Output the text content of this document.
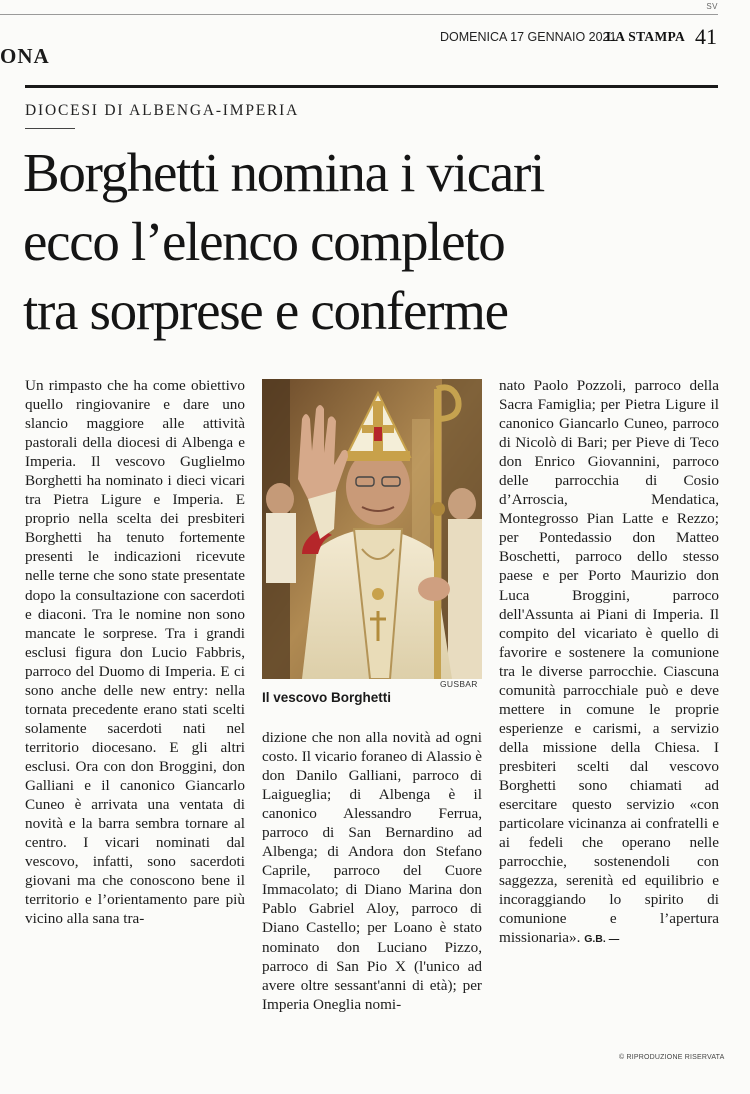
SV
ONA
DOMENICA 17 GENNAIO 2021
LA STAMPA 41
DIOCESI DI ALBENGA-IMPERIA
Borghetti nomina i vicari
ecco l’elenco completo
tra sorprese e conferme
Un rimpasto che ha come obiettivo quello ringiovanire e dare uno slancio maggiore alle attività pastorali della diocesi di Albenga e Imperia. Il vescovo Guglielmo Borghetti ha nominato i dieci vicari tra Pietra Ligure e Imperia. E proprio nella scelta dei presbiteri Borghetti ha tenuto fortemente presenti le indicazioni ricevute nelle terne che sono state presentate dopo la consultazione con sacerdoti e diaconi. Tra le nomine non sono mancate le sorprese. Tra i grandi esclusi figura don Lucio Fabbris, parroco del Duomo di Imperia. E ci sono anche delle new entry: nella tornata precedente erano stati scelti solamente sacerdoti nati nel territorio diocesano. E gli altri esclusi. Ora con don Broggini, don Galliani e il canonico Giancarlo Cuneo è arrivata una ventata di novità e la barra sembra tornare al centro. I vicari nominati dal vescovo, infatti, sono sacerdoti giovani ma che conoscono bene il territorio e l’orientamento pare più vicino alla sana tra-
GUSBAR
Il vescovo Borghetti
dizione che non alla novità ad ogni costo. Il vicario foraneo di Alassio è don Danilo Galliani, parroco di Laigueglia; di Albenga è il canonico Alessandro Ferrua, parroco di San Bernardino ad Albenga; di Andora don Stefano Caprile, parroco del Cuore Immacolato; di Diano Marina don Pablo Gabriel Aloy, parroco di Diano Castello; per Loano è stato nominato don Luciano Pizzo, parroco di San Pio X (l'unico ad avere oltre sessant'anni di età); per Imperia Oneglia nomi-
nato Paolo Pozzoli, parroco della Sacra Famiglia; per Pietra Ligure il canonico Giancarlo Cuneo, parroco di Nicolò di Bari; per Pieve di Teco don Enrico Giovannini, parroco delle parrocchia di Cosio d’Arroscia, Mendatica, Montegrosso Pian Latte e Rezzo; per Pontedassio don Matteo Boschetti, parroco dello stesso paese e per Porto Maurizio don Luca Broggini, parroco dell'Assunta ai Piani di Imperia. Il compito del vicariato è quello di favorire e sostenere la comunione tra le diverse parrocchie. Ciascuna comunità parrocchiale può e deve mettere in comune le proprie esperienze e carismi, a servizio della missione della Chiesa. I presbiteri scelti dal vescovo Borghetti sono chiamati ad esercitare questo servizio «con particolare vicinanza ai confratelli e ai fedeli che operano nelle parrocchie, sostenendoli con saggezza, serenità ed equilibrio e incoraggiando lo spirito di comunione e l’apertura missionaria». G.B. —
© RIPRODUZIONE RISERVATA
